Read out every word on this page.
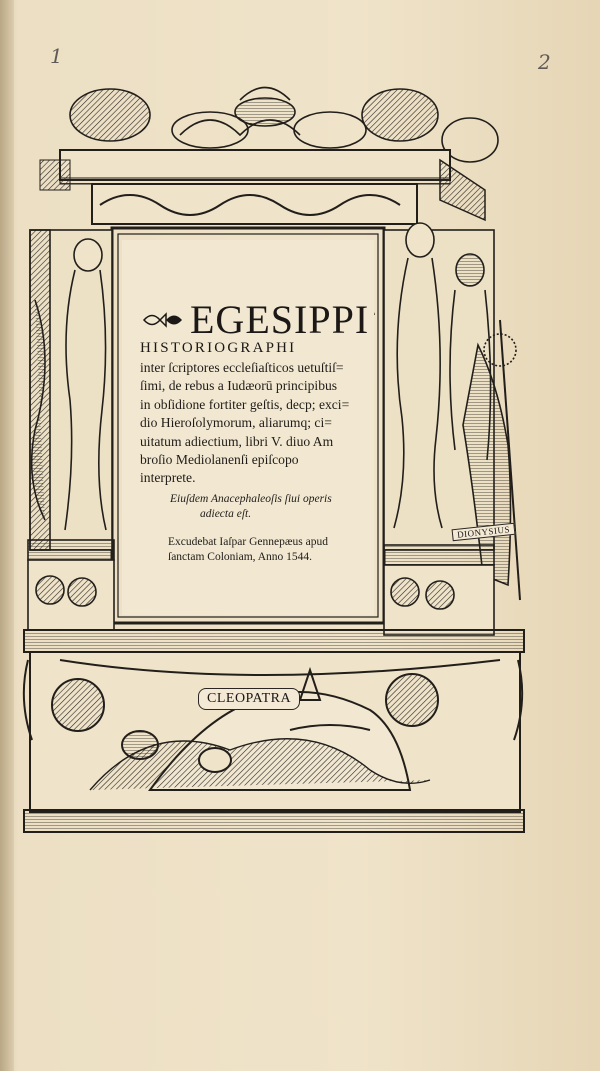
1	2
EGESIPPI
HISTORIOGRAPHI
inter ſcriptores eccleſiaſticos uetuſtiſ=
ſimi, de rebus a Iudæorū principibus
in obſidione fortiter geſtis, decp; exci=
dio Hieroſolymorum, aliarumq; ci=
uitatum adiectium, libri V. diuo Am
broſio Mediolanenſi epiſcopo
interprete.
Eiuſdem Anacephaleoſis ſiui operis
adiecta eſt.
Excudebat Iaſpar Gennepæus apud
ſanctam Coloniam, Anno 1544.
CLEOPATRA
DIONYSIUS
